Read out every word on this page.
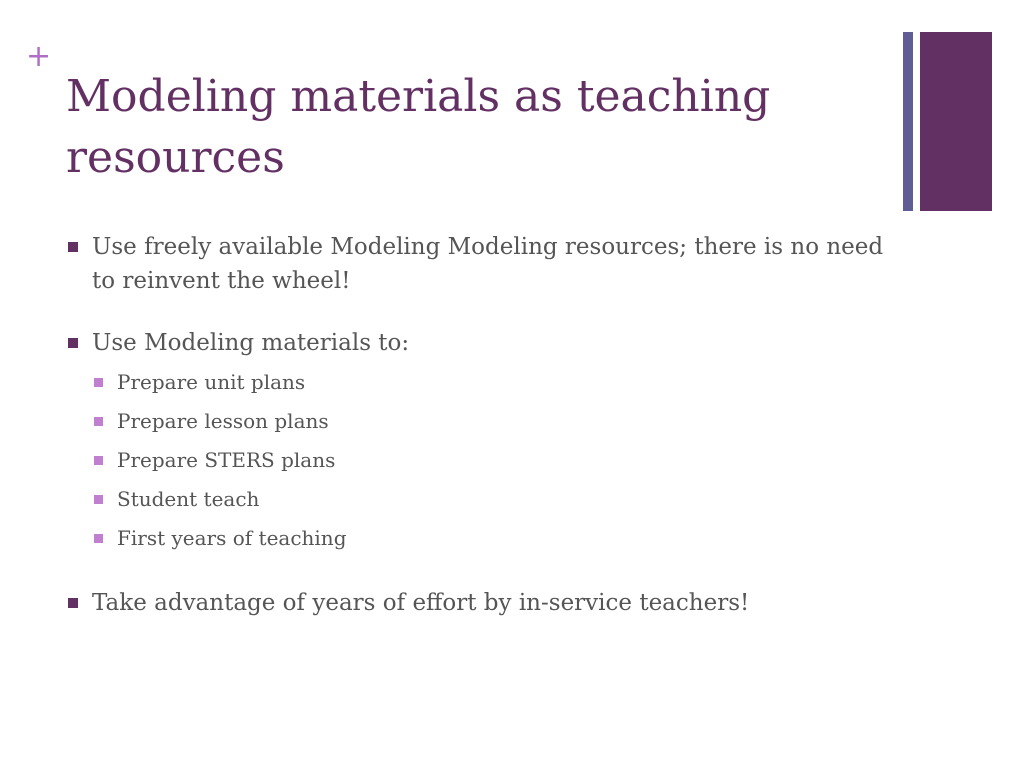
+
Modeling materials as teaching resources
Use freely available Modeling Modeling resources; there is no need to reinvent the wheel!
Use Modeling materials to:
Prepare unit plans
Prepare lesson plans
Prepare STERS plans
Student teach
First years of teaching
Take advantage of years of effort by in-service teachers!
